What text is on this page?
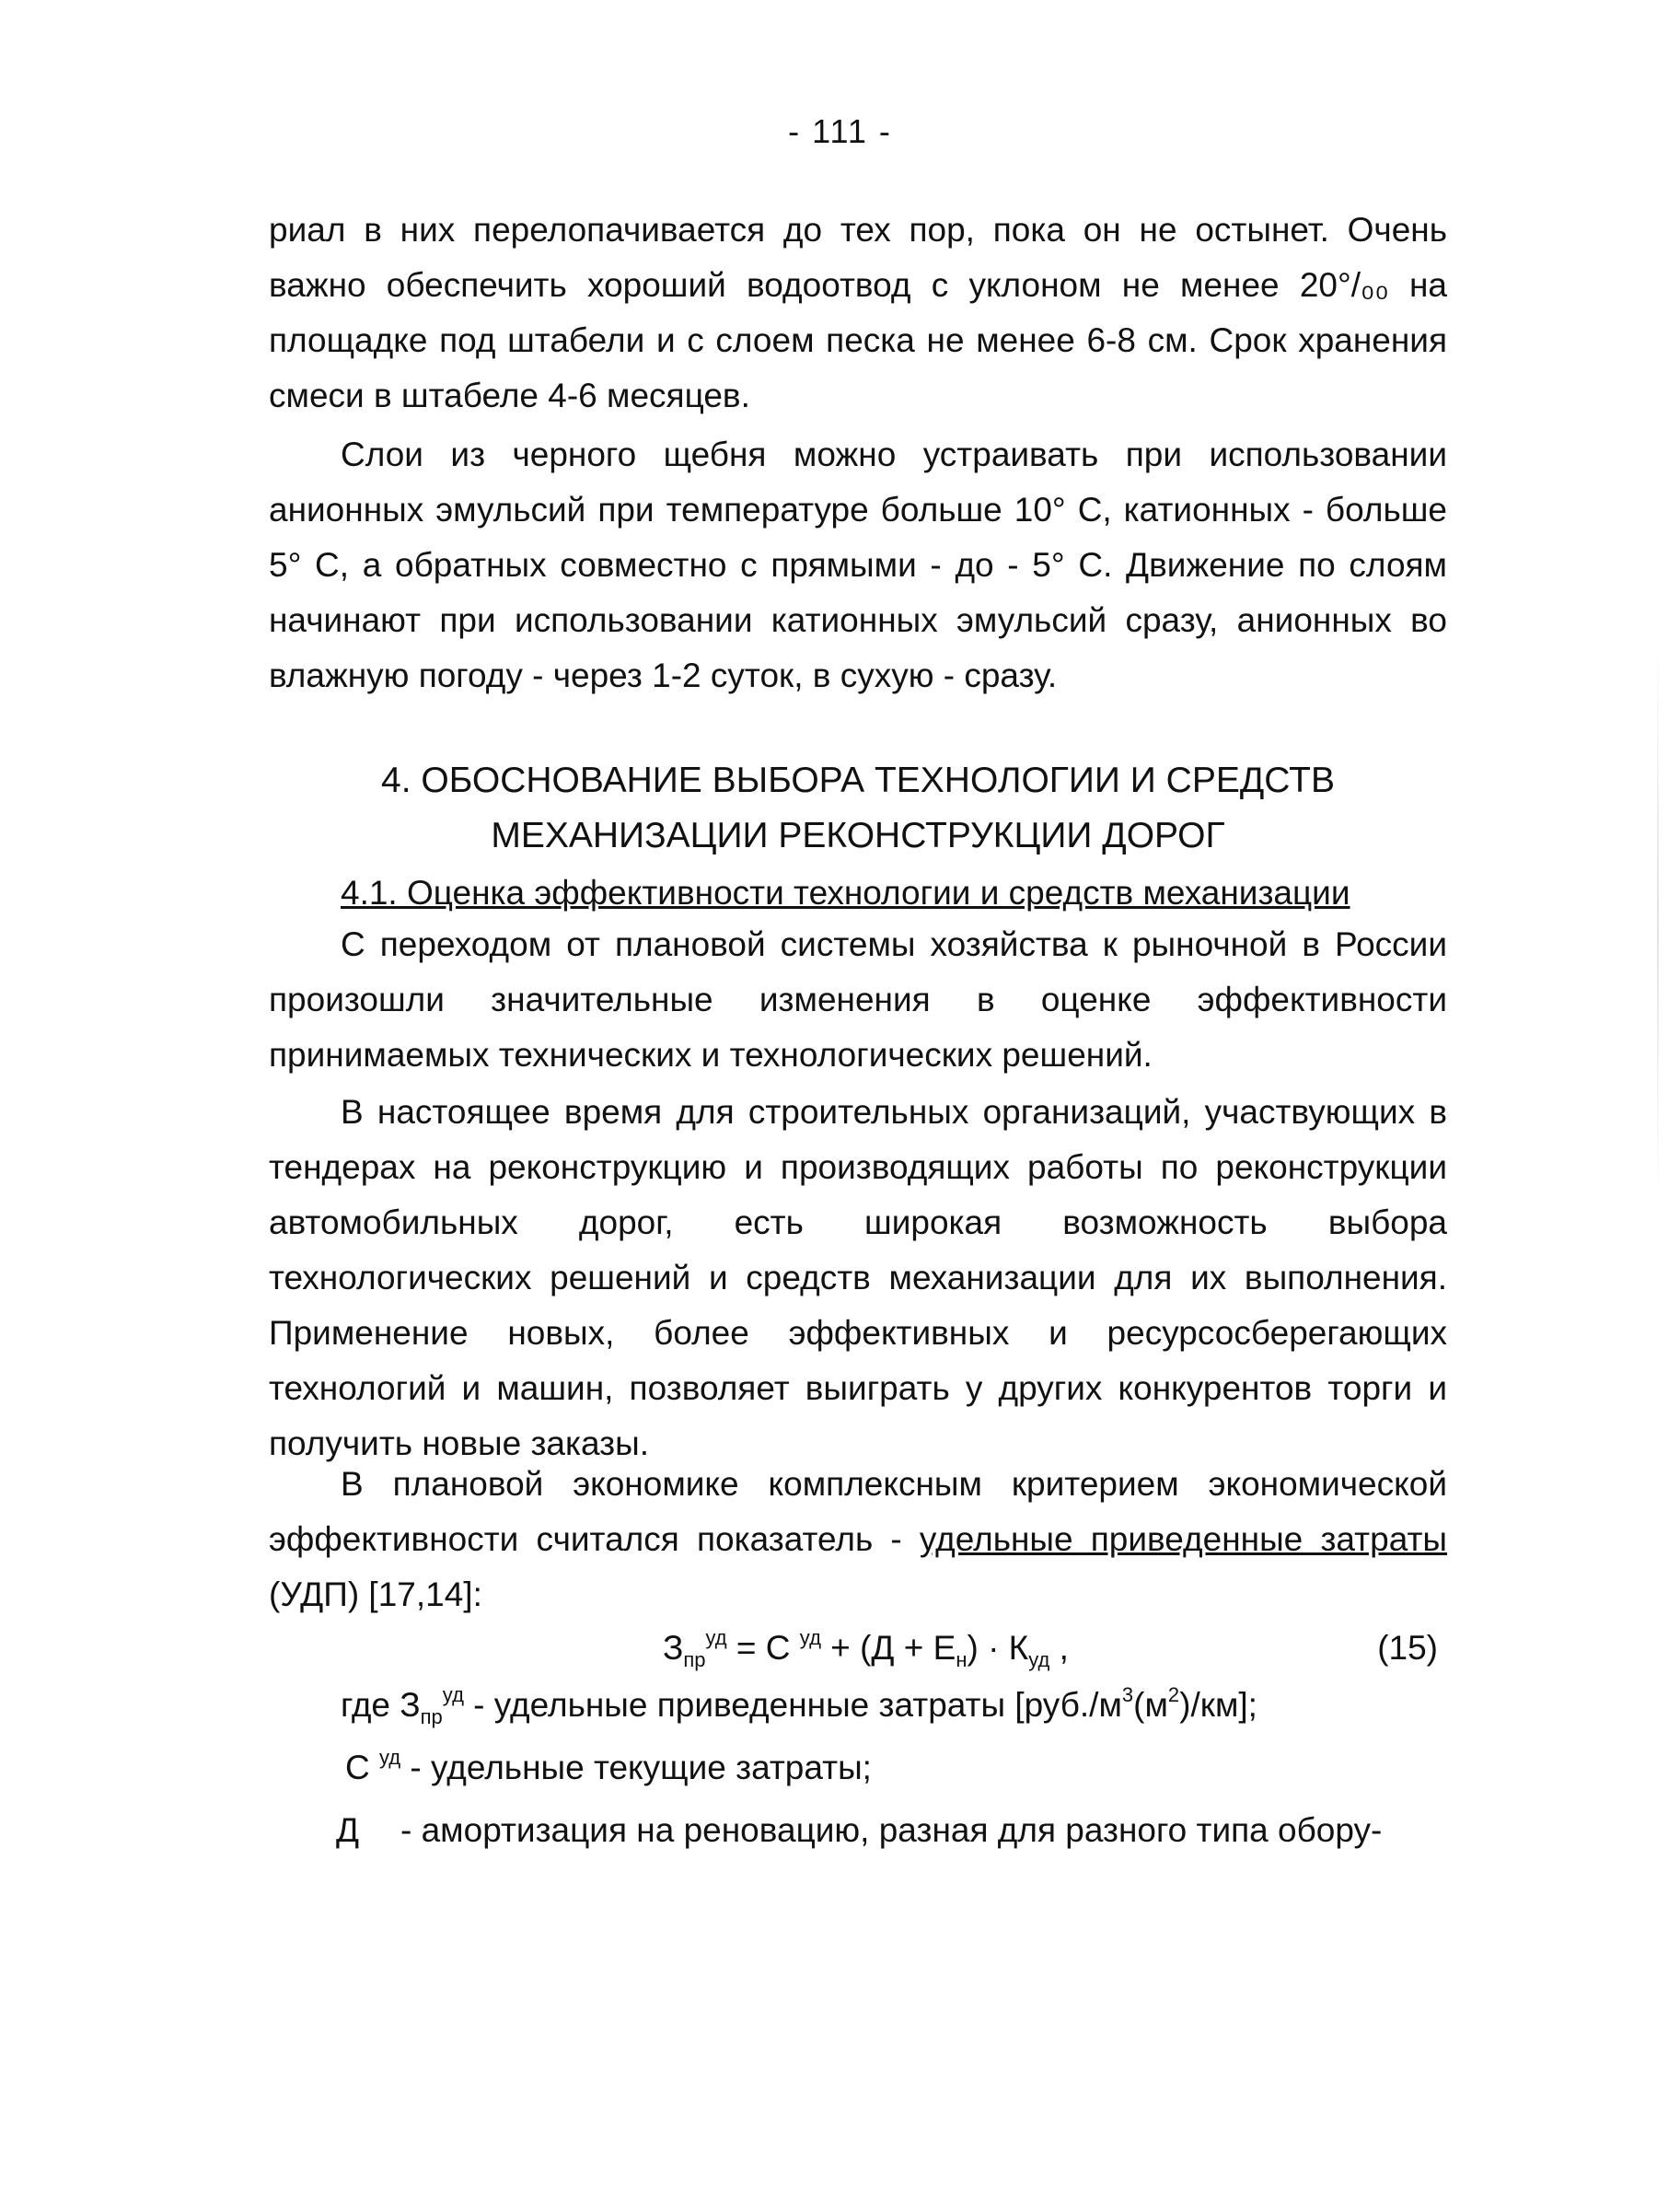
- 111 -

риал в них перелопачивается до тех пор, пока он не остынет. Очень важно обеспечить хороший водоотвод с уклоном не менее 20°/₀₀ на площадке под штабели и с слоем песка не менее 6-8 см. Срок хранения смеси в штабеле 4-6 месяцев.

Слои из черного щебня можно устраивать при использовании анионных эмульсий при температуре больше 10° С, катионных - больше 5° С, а обратных совместно с прямыми - до - 5° С. Движение по слоям начинают при использовании катионных эмульсий сразу, анионных во влажную погоду - через 1-2 суток, в сухую - сразу.

4. ОБОСНОВАНИЕ ВЫБОРА ТЕХНОЛОГИИ И СРЕДСТВ МЕХАНИЗАЦИИ РЕКОНСТРУКЦИИ ДОРОГ
4.1. Оценка эффективности технологии и средств механизации

С переходом от плановой системы хозяйства к рыночной в России произошли значительные изменения в оценке эффективности принимаемых технических и технологических решений.

В настоящее время для строительных организаций, участвующих в тендерах на реконструкцию и производящих работы по реконструкции автомобильных дорог, есть широкая возможность выбора технологических решений и средств механизации для их выполнения. Применение новых, более эффективных и ресурсосберегающих технологий и машин, позволяет выиграть у других конкурентов торги и получить новые заказы.

В плановой экономике комплексным критерием экономической эффективности считался показатель - удельные приведенные затраты (УДП) [17,14]:

$З_{пр}^{уд} = С$ $^{уд} + (Д + Е_н) \cdot К_{уд}$ ,	(15)
где $З_{пр}^{уд}$ - удельные приведенные затраты $[руб./м^3(м^2)/км]$;
С $^{уд}$ - удельные текущие затраты;
Д - амортизация на реновацию, разная для разного типа обору-
